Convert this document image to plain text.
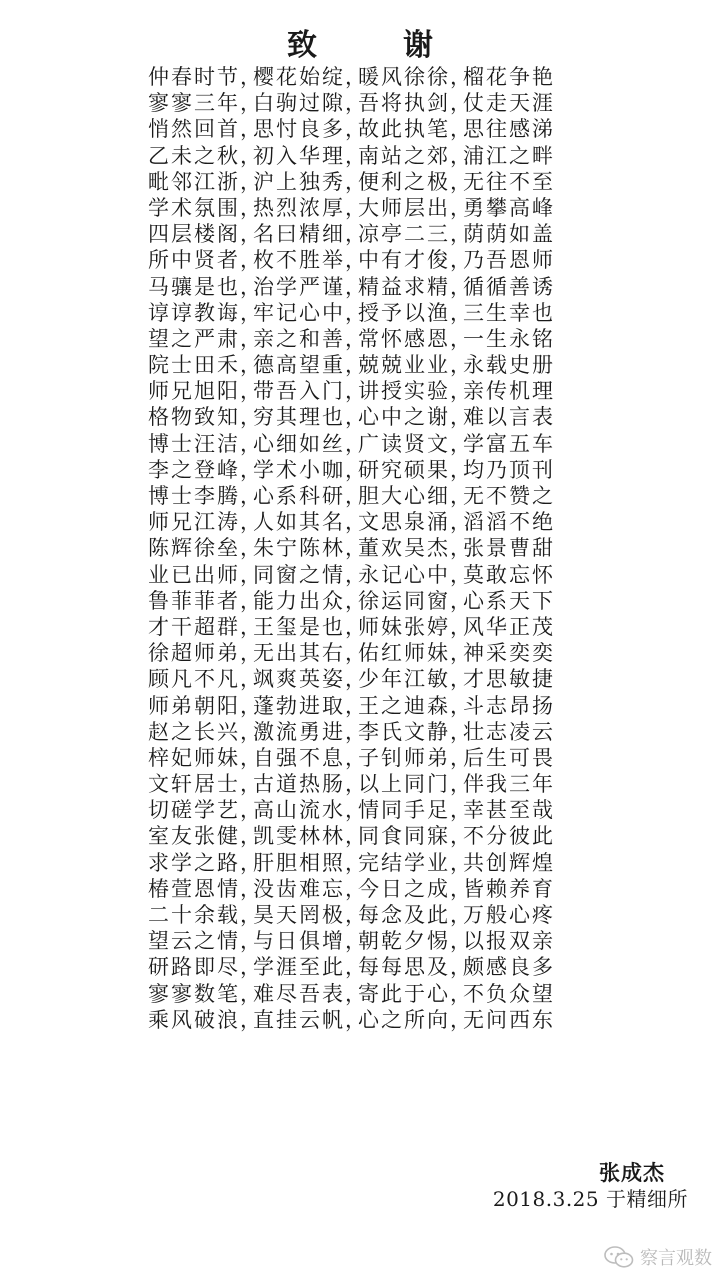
致　谢
仲春时节，樱花始绽，暖风徐徐，榴花争艳
寥寥三年，白驹过隙，吾将执剑，仗走天涯
悄然回首，思忖良多，故此执笔，思往感涕
乙未之秋，初入华理，南站之郊，浦江之畔
毗邻江浙，沪上独秀，便利之极，无往不至
学术氛围，热烈浓厚，大师层出，勇攀高峰
四层楼阁，名曰精细，凉亭二三，荫荫如盖
所中贤者，枚不胜举，中有才俊，乃吾恩师
马骧是也，治学严谨，精益求精，循循善诱
谆谆教诲，牢记心中，授予以渔，三生幸也
望之严肃，亲之和善，常怀感恩，一生永铭
院士田禾，德高望重，兢兢业业，永载史册
师兄旭阳，带吾入门，讲授实验，亲传机理
格物致知，穷其理也，心中之谢，难以言表
博士汪洁，心细如丝，广读贤文，学富五车
李之登峰，学术小咖，研究硕果，均乃顶刊
博士李腾，心系科研，胆大心细，无不赞之
师兄江涛，人如其名，文思泉涌，滔滔不绝
陈辉徐垒，朱宁陈林，董欢吴杰，张景曹甜
业已出师，同窗之情，永记心中，莫敢忘怀
鲁菲菲者，能力出众，徐运同窗，心系天下
才干超群，王玺是也，师妹张婷，风华正茂
徐超师弟，无出其右，佑红师妹，神采奕奕
顾凡不凡，飒爽英姿，少年江敏，才思敏捷
师弟朝阳，蓬勃进取，王之迪森，斗志昂扬
赵之长兴，激流勇进，李氏文静，壮志凌云
梓妃师妹，自强不息，子钊师弟，后生可畏
文轩居士，古道热肠，以上同门，伴我三年
切磋学艺，高山流水，情同手足，幸甚至哉
室友张健，凯雯林林，同食同寐，不分彼此
求学之路，肝胆相照，完结学业，共创辉煌
椿萱恩情，没齿难忘，今日之成，皆赖养育
二十余载，昊天罔极，每念及此，万般心疼
望云之情，与日俱增，朝乾夕惕，以报双亲
研路即尽，学涯至此，每每思及，颇感良多
寥寥数笔，难尽吾表，寄此于心，不负众望
乘风破浪，直挂云帆，心之所向，无问西东
张成杰
2018.3.25 于精细所
察言观数
